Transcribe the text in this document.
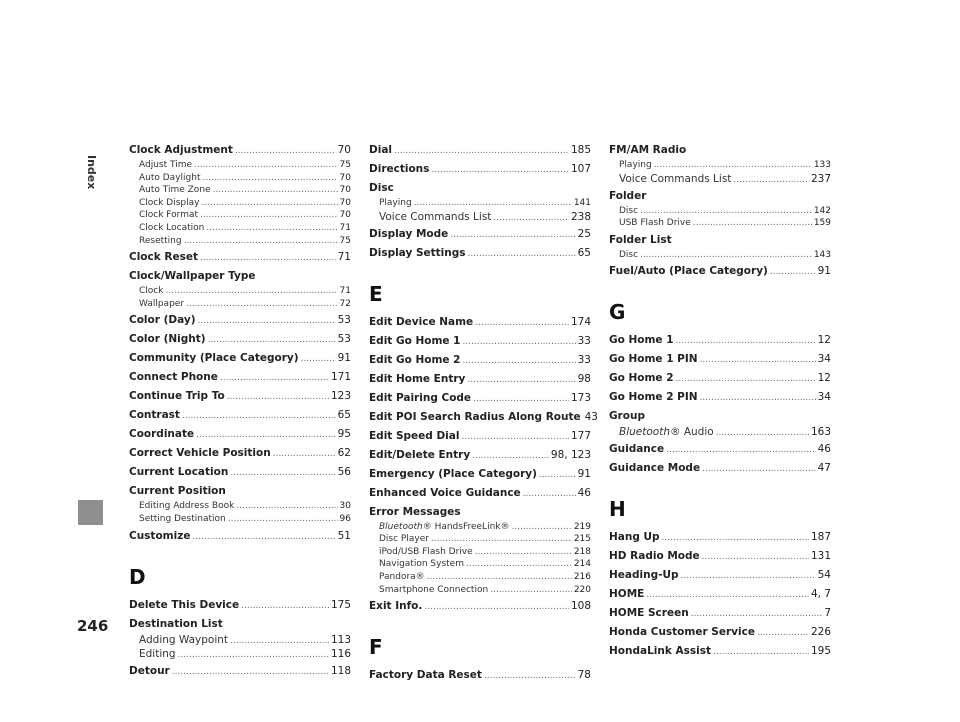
Index
246
Clock Adjustment .....	70
Adjust Time .....	75
Auto Daylight .....	70
Auto Time Zone .....	70
Clock Display .....	70
Clock Format .....	70
Clock Location .....	71
Resetting .....	75
Clock Reset .....	71
Clock/Wallpaper Type
Clock .....	71
Wallpaper .....	72
Color (Day) .....	53
Color (Night) .....	53
Community (Place Category) .....	91
Connect Phone .....	171
Continue Trip To .....	123
Contrast .....	65
Coordinate .....	95
Correct Vehicle Position .....	62
Current Location .....	56
Current Position
Editing Address Book .....	30
Setting Destination .....	96
Customize .....	51
D
Delete This Device .....	175
Destination List
Adding Waypoint .....	113
Editing .....	116
Detour .....	118
Dial .....	185
Directions .....	107
Disc
Playing .....	141
Voice Commands List .....	238
Display Mode .....	25
Display Settings .....	65
E
Edit Device Name .....	174
Edit Go Home 1 .....	33
Edit Go Home 2 .....	33
Edit Home Entry .....	98
Edit Pairing Code .....	173
Edit POI Search Radius Along Route 43
Edit Speed Dial .....	177
Edit/Delete Entry .....	98, 123
Emergency (Place Category) .....	91
Enhanced Voice Guidance .....	46
Error Messages
Bluetooth® HandsFreeLink® .....	219
Disc Player .....	215
iPod/USB Flash Drive .....	218
Navigation System .....	214
Pandora® .....	216
Smartphone Connection .....	220
Exit Info. .....	108
F
Factory Data Reset .....	78
FM/AM Radio
Playing .....	133
Voice Commands List .....	237
Folder
Disc .....	142
USB Flash Drive .....	159
Folder List
Disc .....	143
Fuel/Auto (Place Category) .....	91
G
Go Home 1 .....	12
Go Home 1 PIN .....	34
Go Home 2 .....	12
Go Home 2 PIN .....	34
Group
Bluetooth® Audio .....	163
Guidance .....	46
Guidance Mode .....	47
H
Hang Up .....	187
HD Radio Mode .....	131
Heading-Up .....	54
HOME .....	4, 7
HOME Screen .....	7
Honda Customer Service .....	226
HondaLink Assist .....	195
